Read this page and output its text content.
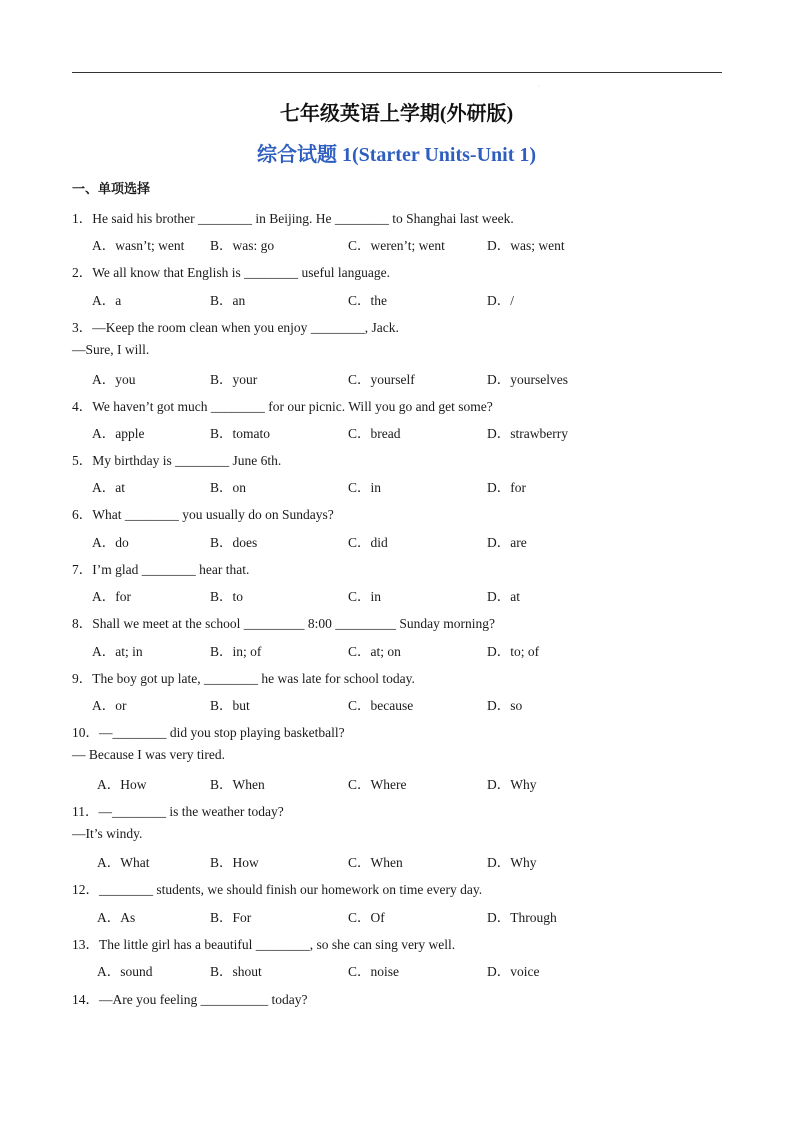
·
七年级英语上学期(外研版)
综合试题 1(Starter Units-Unit 1)
一、单项选择
1．He said his brother ________ in Beijing. He ________ to Shanghai last week.
A．wasn’t; went B．was: go	C．weren’t; went	D．was; went
2．We all know that English is ________ useful language.
A．a	B．an	C．the	D．/
3．—Keep the room clean when you enjoy ________, Jack.
—Sure, I will.
A．you	B．your	C．yourself	D．yourselves
4．We haven’t got much ________ for our picnic. Will you go and get some?
A．apple	B．tomato	C．bread	D．strawberry
5．My birthday is ________ June 6th.
A．at	B．on	C．in	D．for
6．What ________ you usually do on Sundays?
A．do	B．does	C．did	D．are
7．I’m glad ________ hear that.
A．for	B．to	C．in	D．at
8．Shall we meet at the school _________ 8:00 _________ Sunday morning?
A．at; in	B．in; of	C．at; on	D．to; of
9．The boy got up late, ________ he was late for school today.
A．or	B．but	C．because	D．so
10．—________ did you stop playing basketball?
— Because I was very tired.
A．How	B．When	C．Where	D．Why
11．—________ is the weather today?
—It’s windy.
A．What	B．How	C．When	D．Why
12．________ students, we should finish our homework on time every day.
A．As	B．For	C．Of	D．Through
13．The little girl has a beautiful ________, so she can sing very well.
A．sound	B．shout	C．noise	D．voice
14．—Are you feeling __________ today?
